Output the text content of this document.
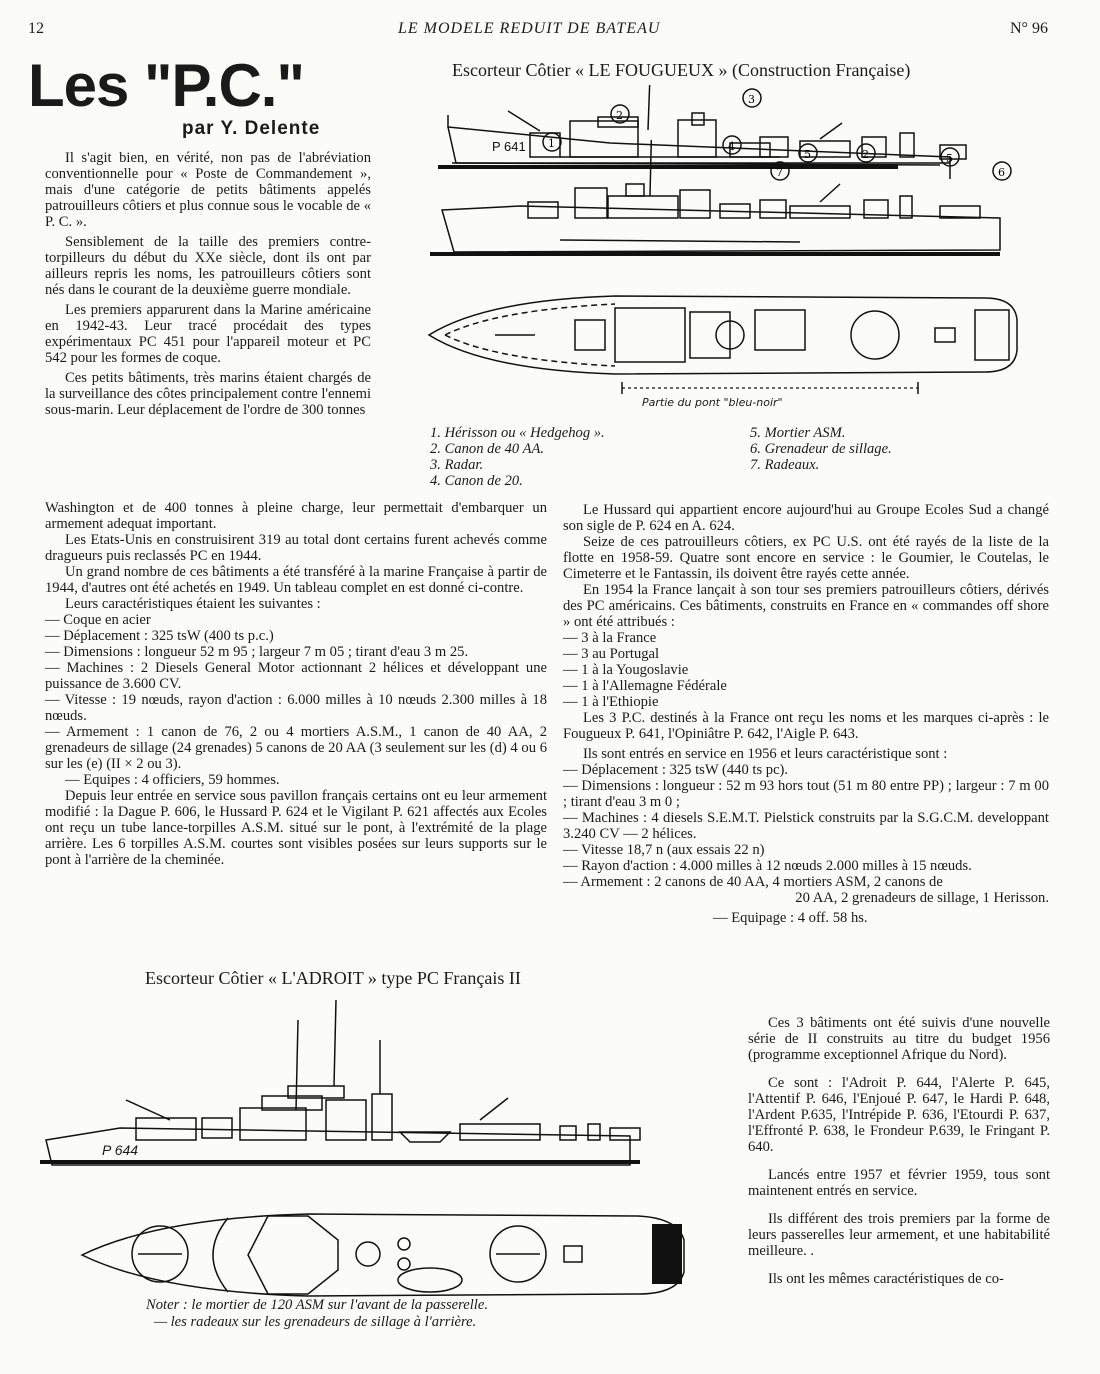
12	LE MODELE REDUIT DE BATEAU	N° 96
Les "P.C."
par Y. Delente
Escorteur Côtier « LE FOUGUEUX » (Construction Française)
P 641 1
2
3
4
7
5	2	5
6
Partie du pont "bleu-noir"
1. Hérisson ou « Hedgehog ».
2. Canon de 40 AA.
3. Radar.
4. Canon de 20.
5. Mortier ASM.
6. Grenadeur de sillage.
7. Radeaux.

Il s'agit bien, en vérité, non pas de l'abréviation conventionnelle pour « Poste de Commandement », mais d'une catégorie de petits bâtiments appelés patrouilleurs côtiers et plus connue sous le vocable de « P. C. ».

Sensiblement de la taille des premiers contre-torpilleurs du début du XXe siècle, dont ils ont par ailleurs repris les noms, les patrouilleurs côtiers sont nés dans le courant de la deuxième guerre mondiale.

Les premiers apparurent dans la Marine américaine en 1942-43. Leur tracé procédait des types expérimentaux PC 451 pour l'appareil moteur et PC 542 pour les formes de coque.

Ces petits bâtiments, très marins étaient chargés de la surveillance des côtes principalement contre l'ennemi sous-marin. Leur déplacement de l'ordre de 300 tonnes

Washington et de 400 tonnes à pleine charge, leur permettait d'embarquer un armement adequat important.

Les Etats-Unis en construisirent 319 au total dont certains furent achevés comme dragueurs puis reclassés PC en 1944.

Un grand nombre de ces bâtiments a été transféré à la marine Française à partir de 1944, d'autres ont été achetés en 1949. Un tableau complet en est donné ci-contre.

Leurs caractéristiques étaient les suivantes :

— Coque en acier

— Déplacement : 325 tsW (400 ts p.c.)

— Dimensions : longueur 52 m 95 ; largeur 7 m 05 ; tirant d'eau 3 m 25.

— Machines : 2 Diesels General Motor actionnant 2 hélices et développant une puissance de 3.600 CV.

— Vitesse : 19 nœuds, rayon d'action : 6.000 milles à 10 nœuds 2.300 milles à 18 nœuds.

— Armement : 1 canon de 76, 2 ou 4 mortiers A.S.M., 1 canon de 40 AA, 2 grenadeurs de sillage (24 grenades) 5 canons de 20 AA (3 seulement sur les (d) 4 ou 6 sur les (e) (II × 2 ou 3).

— Equipes : 4 officiers, 59 hommes.

Depuis leur entrée en service sous pavillon français certains ont eu leur armement modifié : la Dague P. 606, le Hussard P. 624 et le Vigilant P. 621 affectés aux Ecoles ont reçu un tube lance-torpilles A.S.M. situé sur le pont, à l'extrémité de la plage arrière. Les 6 torpilles A.S.M. courtes sont visibles posées sur leurs supports sur le pont à l'arrière de la cheminée.

Le Hussard qui appartient encore aujourd'hui au Groupe Ecoles Sud a changé son sigle de P. 624 en A. 624.

Seize de ces patrouilleurs côtiers, ex PC U.S. ont été rayés de la liste de la flotte en 1958-59. Quatre sont encore en service : le Goumier, le Coutelas, le Cimeterre et le Fantassin, ils doivent être rayés cette année.

En 1954 la France lançait à son tour ses premiers patrouilleurs côtiers, dérivés des PC américains. Ces bâtiments, construits en France en « commandes off shore » ont été attribués :

— 3 à la France

— 3 au Portugal

— 1 à la Yougoslavie

— 1 à l'Allemagne Fédérale

— 1 à l'Ethiopie

Les 3 P.C. destinés à la France ont reçu les noms et les marques ci-après : le Fougueux P. 641, l'Opiniâtre P. 642, l'Aigle P. 643.

Ils sont entrés en service en 1956 et leurs caractéristique sont :

— Déplacement : 325 tsW (440 ts pc).

— Dimensions : longueur : 52 m 93 hors tout (51 m 80 entre PP) ; largeur : 7 m 00 ; tirant d'eau 3 m 0 ;

— Machines : 4 diesels S.E.M.T. Pielstick construits par la S.G.C.M. developpant 3.240 CV — 2 hélices.

— Vitesse 18,7 n (aux essais 22 n)

— Rayon d'action : 4.000 milles à 12 nœuds 2.000 milles à 15 nœuds.

— Armement : 2 canons de 40 AA, 4 mortiers ASM, 2 canons de

20 AA, 2 grenadeurs de sillage, 1 Herisson.

— Equipage : 4 off. 58 hs.

Ces 3 bâtiments ont été suivis d'une nouvelle série de II construits au titre du budget 1956 (programme exceptionnel Afrique du Nord).

Ce sont : l'Adroit P. 644, l'Alerte P. 645, l'Attentif P. 646, l'Enjoué P. 647, le Hardi P. 648, l'Ardent P.635, l'Intrépide P. 636, l'Etourdi P. 637, l'Effronté P. 638, le Frondeur P.639, le Fringant P. 640.

Lancés entre 1957 et février 1959, tous sont maintenent entrés en service.

Ils différent des trois premiers par la forme de leurs passerelles leur armement, et une habitabilité meilleure. .

Ils ont les mêmes caractéristiques de co-

Escorteur Côtier « L'ADROIT » type PC Français II
P 644
Noter : le mortier de 120 ASM sur l'avant de la passerelle.
— les radeaux sur les grenadeurs de sillage à l'arrière.
